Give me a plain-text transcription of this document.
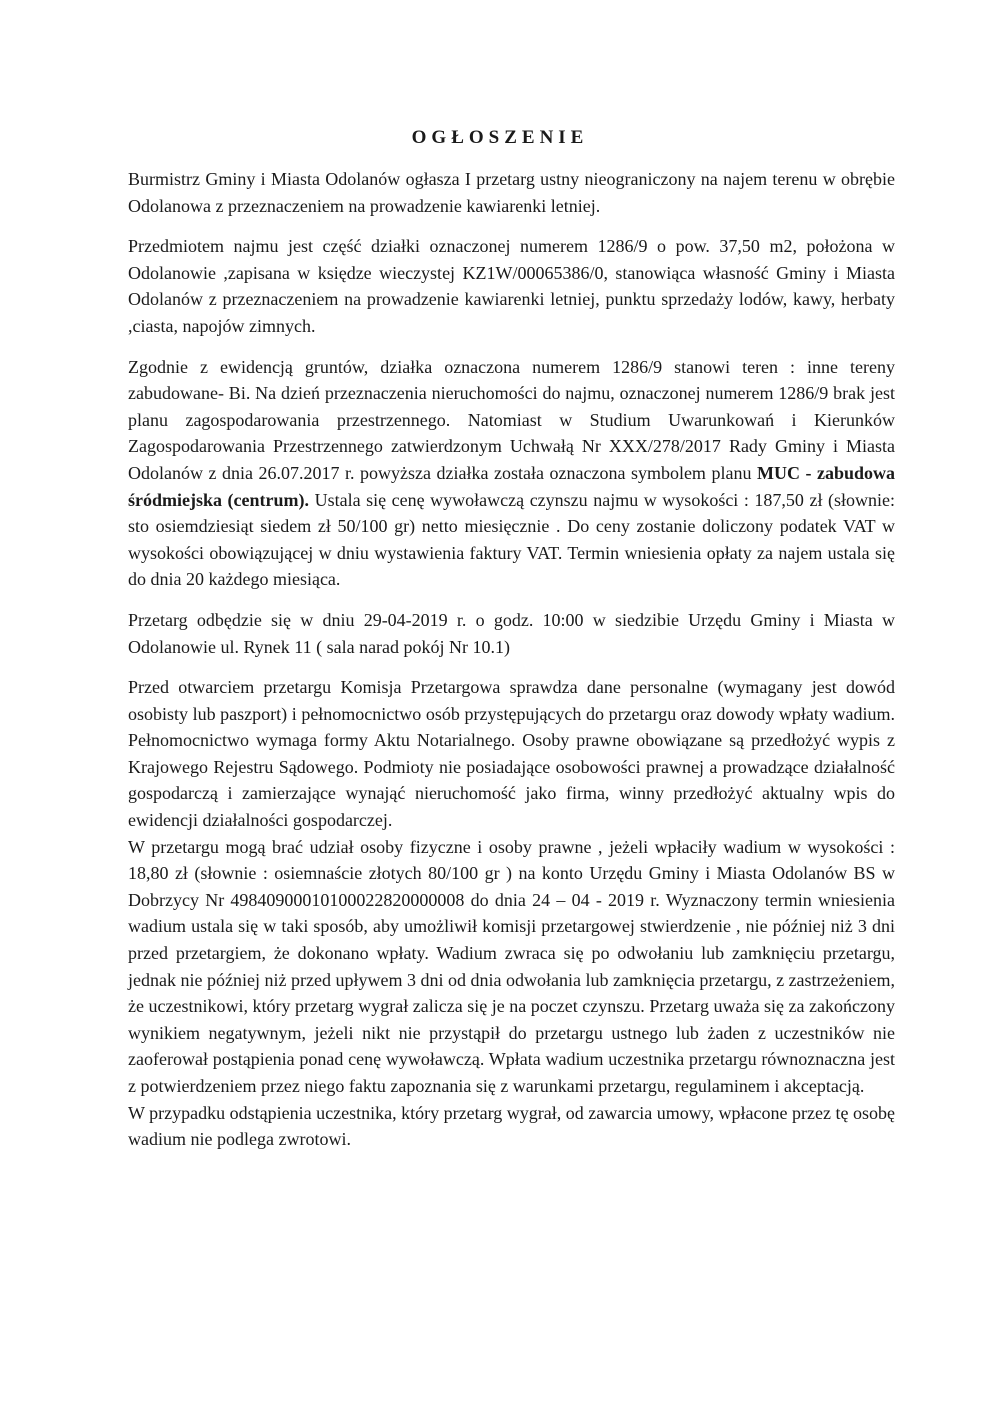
OGŁOSZENIE

Burmistrz Gminy i Miasta Odolanów ogłasza I przetarg ustny nieograniczony na najem terenu w obrębie Odolanowa z przeznaczeniem na prowadzenie kawiarenki letniej.

Przedmiotem najmu jest część działki oznaczonej numerem 1286/9 o pow. 37,50 m2, położona w Odolanowie ,zapisana w księdze wieczystej KZ1W/00065386/0, stanowiąca własność Gminy i Miasta Odolanów z przeznaczeniem na prowadzenie kawiarenki letniej, punktu sprzedaży lodów, kawy, herbaty ,ciasta, napojów zimnych.

Zgodnie z ewidencją gruntów, działka oznaczona numerem 1286/9 stanowi teren : inne tereny zabudowane- Bi. Na dzień przeznaczenia nieruchomości do najmu, oznaczonej numerem 1286/9 brak jest planu zagospodarowania przestrzennego. Natomiast w Studium Uwarunkowań i Kierunków Zagospodarowania Przestrzennego zatwierdzonym Uchwałą Nr XXX/278/2017 Rady Gminy i Miasta Odolanów z dnia 26.07.2017 r. powyższa działka została oznaczona symbolem planu MUC - zabudowa śródmiejska (centrum). Ustala się cenę wywoławczą czynszu najmu w wysokości : 187,50 zł (słownie: sto osiemdziesiąt siedem zł 50/100 gr) netto miesięcznie . Do ceny zostanie doliczony podatek VAT w wysokości obowiązującej w dniu wystawienia faktury VAT. Termin wniesienia opłaty za najem ustala się do dnia 20 każdego miesiąca.

Przetarg odbędzie się w dniu 29-04-2019 r. o godz. 10:00 w siedzibie Urzędu Gminy i Miasta w Odolanowie ul. Rynek 11 ( sala narad pokój Nr 10.1)

Przed otwarciem przetargu Komisja Przetargowa sprawdza dane personalne (wymagany jest dowód osobisty lub paszport) i pełnomocnictwo osób przystępujących do przetargu oraz dowody wpłaty wadium. Pełnomocnictwo wymaga formy Aktu Notarialnego. Osoby prawne obowiązane są przedłożyć wypis z Krajowego Rejestru Sądowego. Podmioty nie posiadające osobowości prawnej a prowadzące działalność gospodarczą i zamierzające wynająć nieruchomość jako firma, winny przedłożyć aktualny wpis do ewidencji działalności gospodarczej.

W przetargu mogą brać udział osoby fizyczne i osoby prawne , jeżeli wpłaciły wadium w wysokości : 18,80 zł (słownie : osiemnaście złotych 80/100 gr ) na konto Urzędu Gminy i Miasta Odolanów BS w Dobrzycy Nr 49840900010100022820000008 do dnia 24 – 04 - 2019 r. Wyznaczony termin wniesienia wadium ustala się w taki sposób, aby umożliwił komisji przetargowej stwierdzenie , nie później niż 3 dni przed przetargiem, że dokonano wpłaty. Wadium zwraca się po odwołaniu lub zamknięciu przetargu, jednak nie później niż przed upływem 3 dni od dnia odwołania lub zamknięcia przetargu, z zastrzeżeniem, że uczestnikowi, który przetarg wygrał zalicza się je na poczet czynszu. Przetarg uważa się za zakończony wynikiem negatywnym, jeżeli nikt nie przystąpił do przetargu ustnego lub żaden z uczestników nie zaoferował postąpienia ponad cenę wywoławczą. Wpłata wadium uczestnika przetargu równoznaczna jest z potwierdzeniem przez niego faktu zapoznania się z warunkami przetargu, regulaminem i akceptacją.

W przypadku odstąpienia uczestnika, który przetarg wygrał, od zawarcia umowy, wpłacone przez tę osobę wadium nie podlega zwrotowi.
